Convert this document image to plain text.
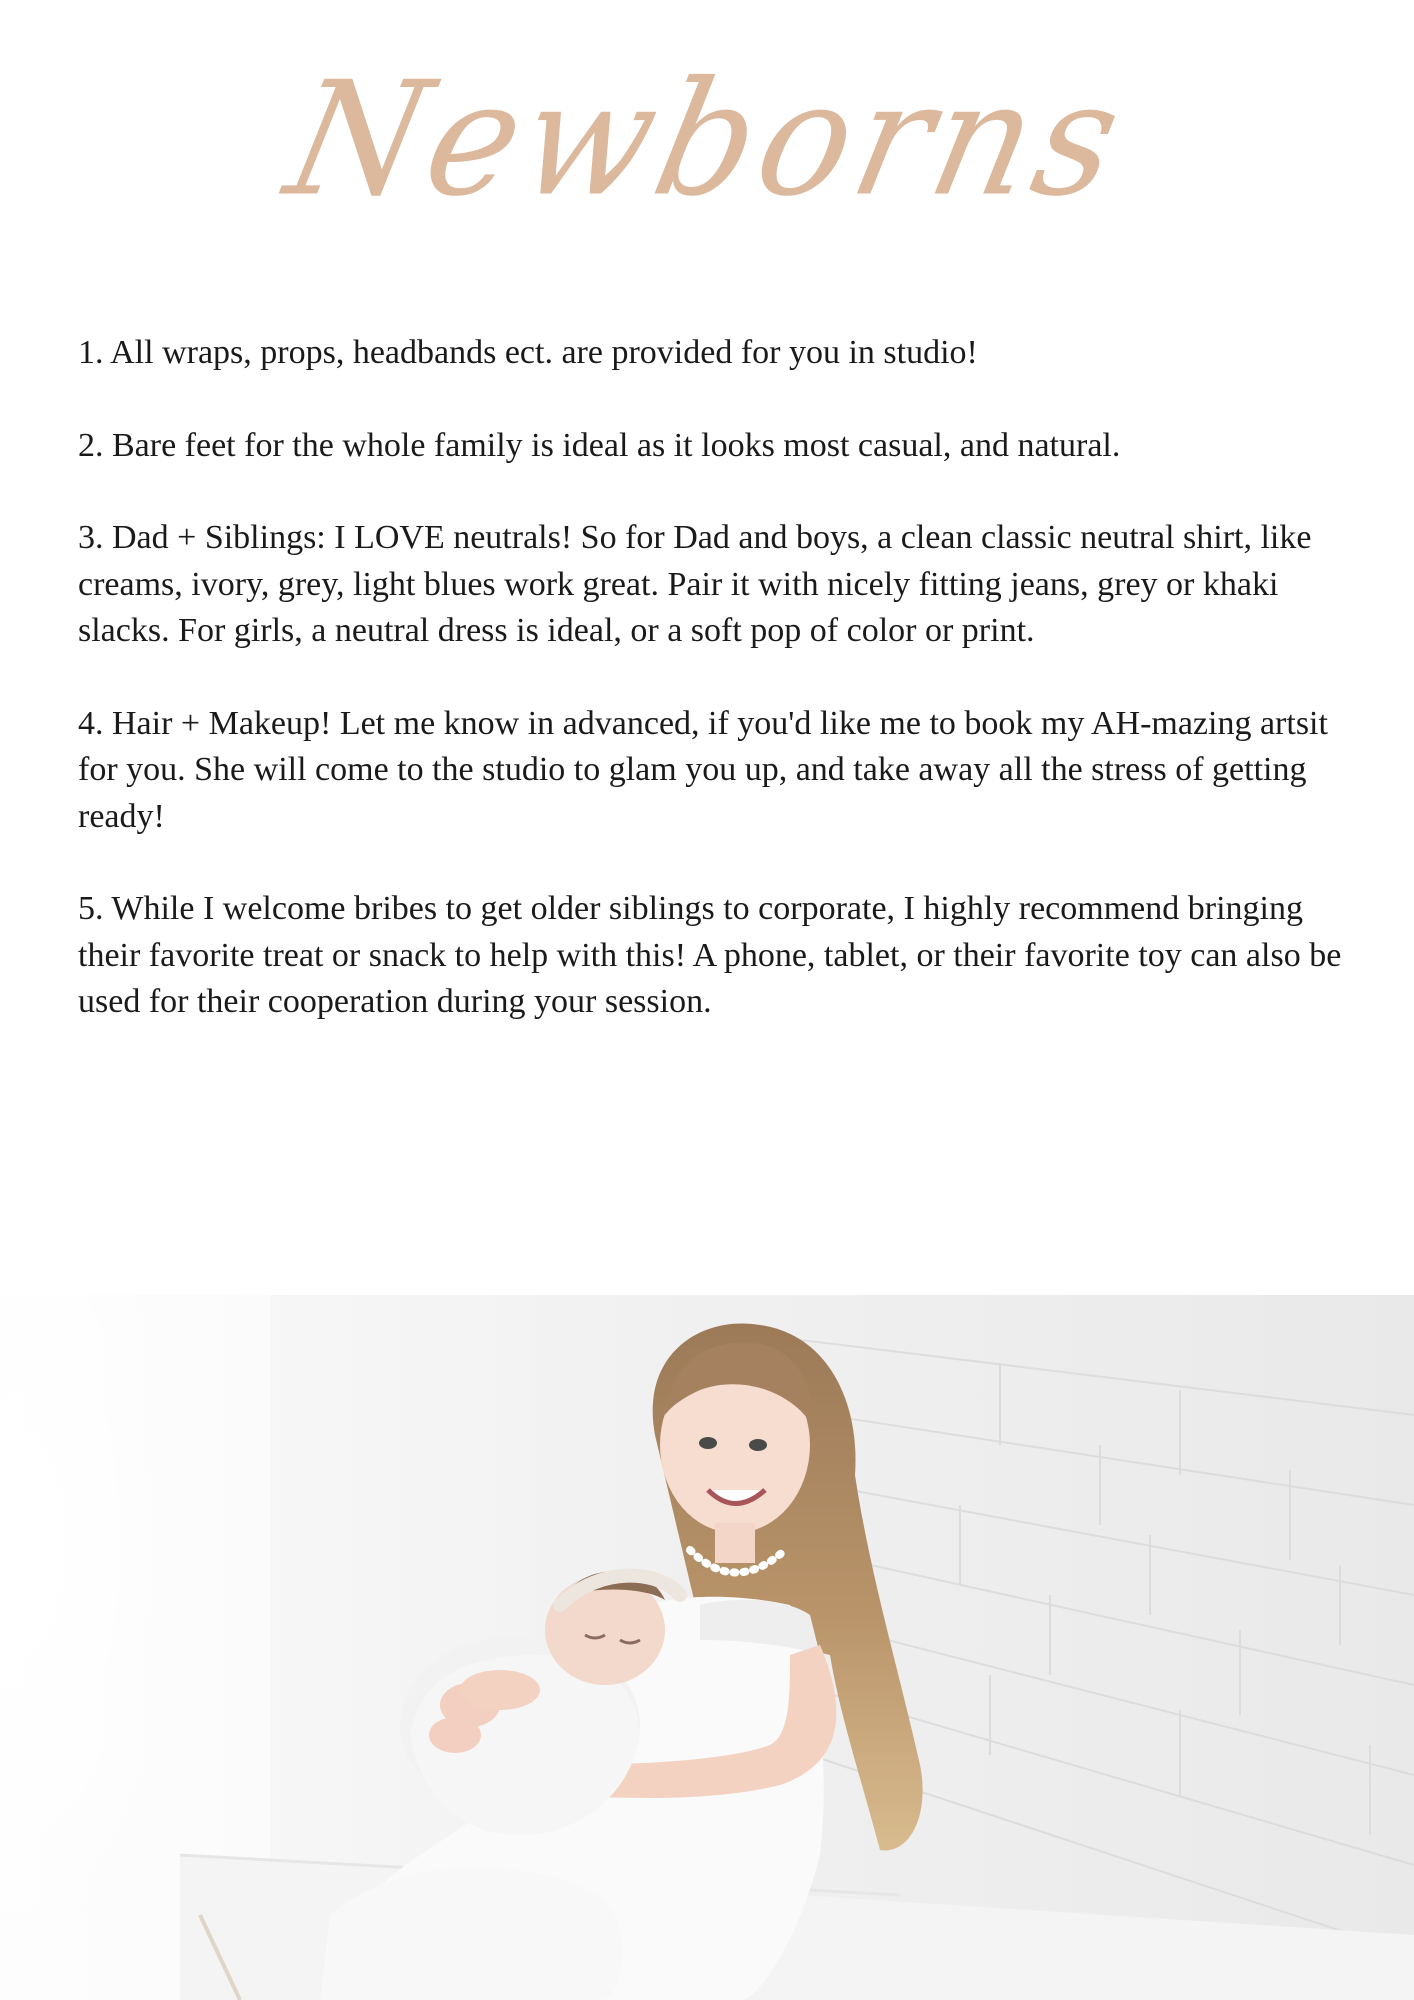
Newborns

1. All wraps, props, headbands ect. are provided for you in studio!

2. Bare feet for the whole family is ideal as it looks most casual, and natural.

3. Dad + Siblings: I LOVE neutrals! So for Dad and boys, a clean classic neutral shirt, like creams, ivory, grey, light blues work great. Pair it with nicely fitting jeans, grey or khaki slacks. For girls, a neutral dress is ideal, or a soft pop of color or print.

4. Hair + Makeup! Let me know in advanced, if you'd like me to book my AH-mazing artsit for you. She will come to the studio to glam you up, and take away all the stress of getting ready!

5. While I welcome bribes to get older siblings to corporate, I highly recommend bringing their favorite treat or snack to help with this! A phone, tablet, or their favorite toy can also be used for their cooperation during your session.
